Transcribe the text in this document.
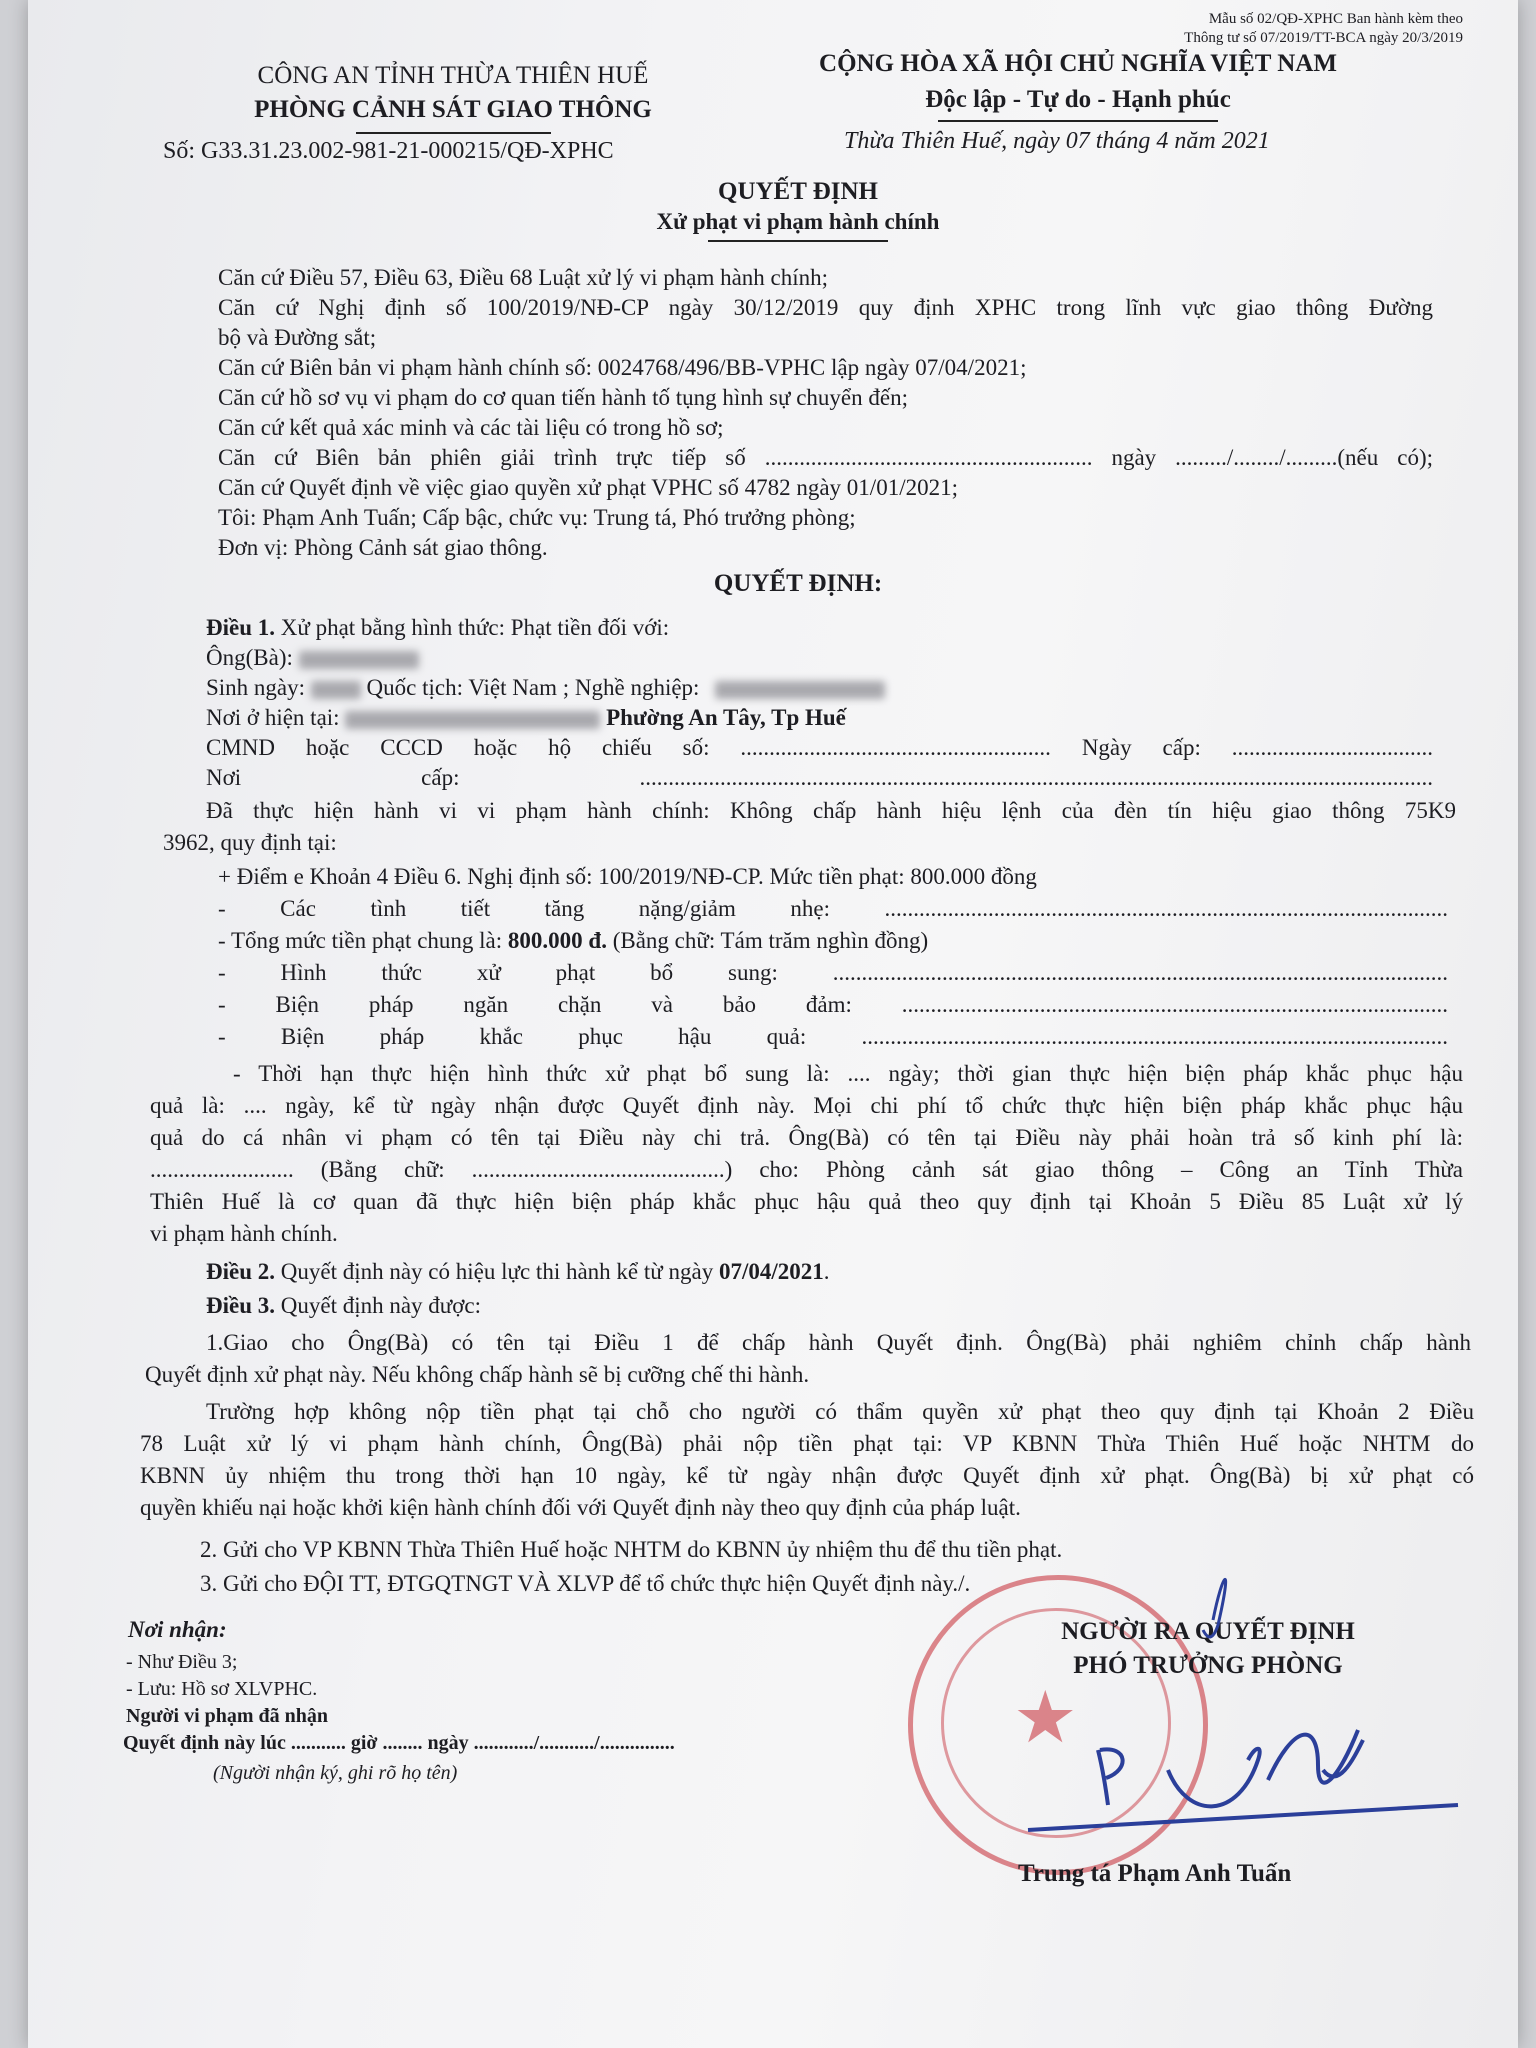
Mẫu số 02/QĐ-XPHC Ban hành kèm theo
Thông tư số 07/2019/TT-BCA ngày 20/3/2019
CÔNG AN TỈNH THỪA THIÊN HUẾ
PHÒNG CẢNH SÁT GIAO THÔNG
Số: G33.31.23.002-981-21-000215/QĐ-XPHC
CỘNG HÒA XÃ HỘI CHỦ NGHĨA VIỆT NAM
Độc lập - Tự do - Hạnh phúc
Thừa Thiên Huế, ngày 07 tháng 4 năm 2021
QUYẾT ĐỊNH
Xử phạt vi phạm hành chính
Căn cứ Điều 57, Điều 63, Điều 68 Luật xử lý vi phạm hành chính;
Căn cứ Nghị định số 100/2019/NĐ-CP ngày 30/12/2019 quy định XPHC trong lĩnh vực giao thông Đường
bộ và Đường sắt;
Căn cứ Biên bản vi phạm hành chính số: 0024768/496/BB-VPHC lập ngày 07/04/2021;
Căn cứ hồ sơ vụ vi phạm do cơ quan tiến hành tố tụng hình sự chuyển đến;
Căn cứ kết quả xác minh và các tài liệu có trong hồ sơ;
Căn cứ Biên bản phiên giải trình trực tiếp số ......................................................... ngày ........./......../.........(nếu có);
Căn cứ Quyết định về việc giao quyền xử phạt VPHC số 4782 ngày 01/01/2021;
Tôi: Phạm Anh Tuấn; Cấp bậc, chức vụ: Trung tá, Phó trưởng phòng;
Đơn vị: Phòng Cảnh sát giao thông.
QUYẾT ĐỊNH:
Điều 1. Xử phạt bằng hình thức: Phạt tiền đối với:
Ông(Bà):
Sinh ngày:	Quốc tịch: Việt Nam ; Nghề nghiệp:
Nơi ở hiện tại:	Phường An Tây, Tp Huế
CMND hoặc CCCD hoặc hộ chiếu số: ...................................................... Ngày cấp: ...................................
Nơi cấp: ..........................................................................................................................................
Đã thực hiện hành vi vi phạm hành chính: Không chấp hành hiệu lệnh của đèn tín hiệu giao thông 75K9
3962, quy định tại:
+ Điểm e Khoản 4 Điều 6. Nghị định số: 100/2019/NĐ-CP. Mức tiền phạt: 800.000 đồng
- Các tình tiết tăng nặng/giảm nhẹ: ..................................................................................................
- Tổng mức tiền phạt chung là: 800.000 đ. (Bằng chữ: Tám trăm nghìn đồng)
- Hình thức xử phạt bổ sung: ...........................................................................................................
- Biện pháp ngăn chặn và bảo đảm: ...............................................................................................
- Biện pháp khắc phục hậu quả: ......................................................................................................
- Thời hạn thực hiện hình thức xử phạt bổ sung là: .... ngày; thời gian thực hiện biện pháp khắc phục hậu
quả là: .... ngày, kể từ ngày nhận được Quyết định này. Mọi chi phí tổ chức thực hiện biện pháp khắc phục hậu
quả do cá nhân vi phạm có tên tại Điều này chi trả. Ông(Bà) có tên tại Điều này phải hoàn trả số kinh phí là:
......................... (Bằng chữ: ............................................) cho: Phòng cảnh sát giao thông – Công an Tỉnh Thừa
Thiên Huế là cơ quan đã thực hiện biện pháp khắc phục hậu quả theo quy định tại Khoản 5 Điều 85 Luật xử lý
vi phạm hành chính.
Điều 2. Quyết định này có hiệu lực thi hành kể từ ngày 07/04/2021.
Điều 3. Quyết định này được:
1.Giao cho Ông(Bà) có tên tại Điều 1 để chấp hành Quyết định. Ông(Bà) phải nghiêm chỉnh chấp hành
Quyết định xử phạt này. Nếu không chấp hành sẽ bị cưỡng chế thi hành.
Trường hợp không nộp tiền phạt tại chỗ cho người có thẩm quyền xử phạt theo quy định tại Khoản 2 Điều
78 Luật xử lý vi phạm hành chính, Ông(Bà) phải nộp tiền phạt tại: VP KBNN Thừa Thiên Huế hoặc NHTM do
KBNN ủy nhiệm thu trong thời hạn 10 ngày, kể từ ngày nhận được Quyết định xử phạt. Ông(Bà) bị xử phạt có
quyền khiếu nại hoặc khởi kiện hành chính đối với Quyết định này theo quy định của pháp luật.
2. Gửi cho VP KBNN Thừa Thiên Huế hoặc NHTM do KBNN ủy nhiệm thu để thu tiền phạt.
3. Gửi cho ĐỘI TT, ĐTGQTNGT VÀ XLVP để tổ chức thực hiện Quyết định này./.
Nơi nhận:
- Như Điều 3;
- Lưu: Hồ sơ XLVPHC.
Người vi phạm đã nhận
Quyết định này lúc ........... giờ ........ ngày ............/.........../...............
(Người nhận ký, ghi rõ họ tên)
★
NGƯỜI RA QUYẾT ĐỊNH
PHÓ TRƯỞNG PHÒNG
Trung tá Phạm Anh Tuấn
